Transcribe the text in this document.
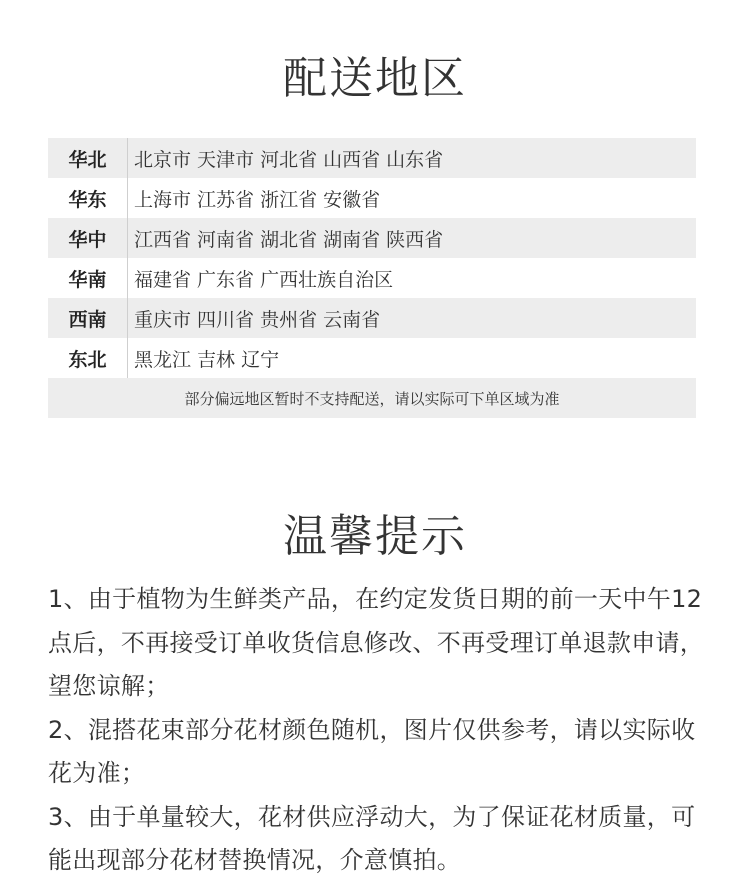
配送地区
华北	北京市 天津市 河北省 山西省 山东省
华东	上海市 江苏省 浙江省 安徽省
华中	江西省 河南省 湖北省 湖南省 陕西省
华南	福建省 广东省 广西壮族自治区
西南	重庆市 四川省 贵州省 云南省
东北	黑龙江 吉林 辽宁
部分偏远地区暂时不支持配送，请以实际可下单区域为准
温馨提示

1、由于植物为生鲜类产品，在约定发货日期的前一天中午12 点后，不再接受订单收货信息修改、不再受理订单退款申请，望您谅解；

2、混搭花束部分花材颜色随机，图片仅供参考，请以实际收花为准；

3、由于单量较大，花材供应浮动大，为了保证花材质量，可能出现部分花材替换情况，介意慎拍。
